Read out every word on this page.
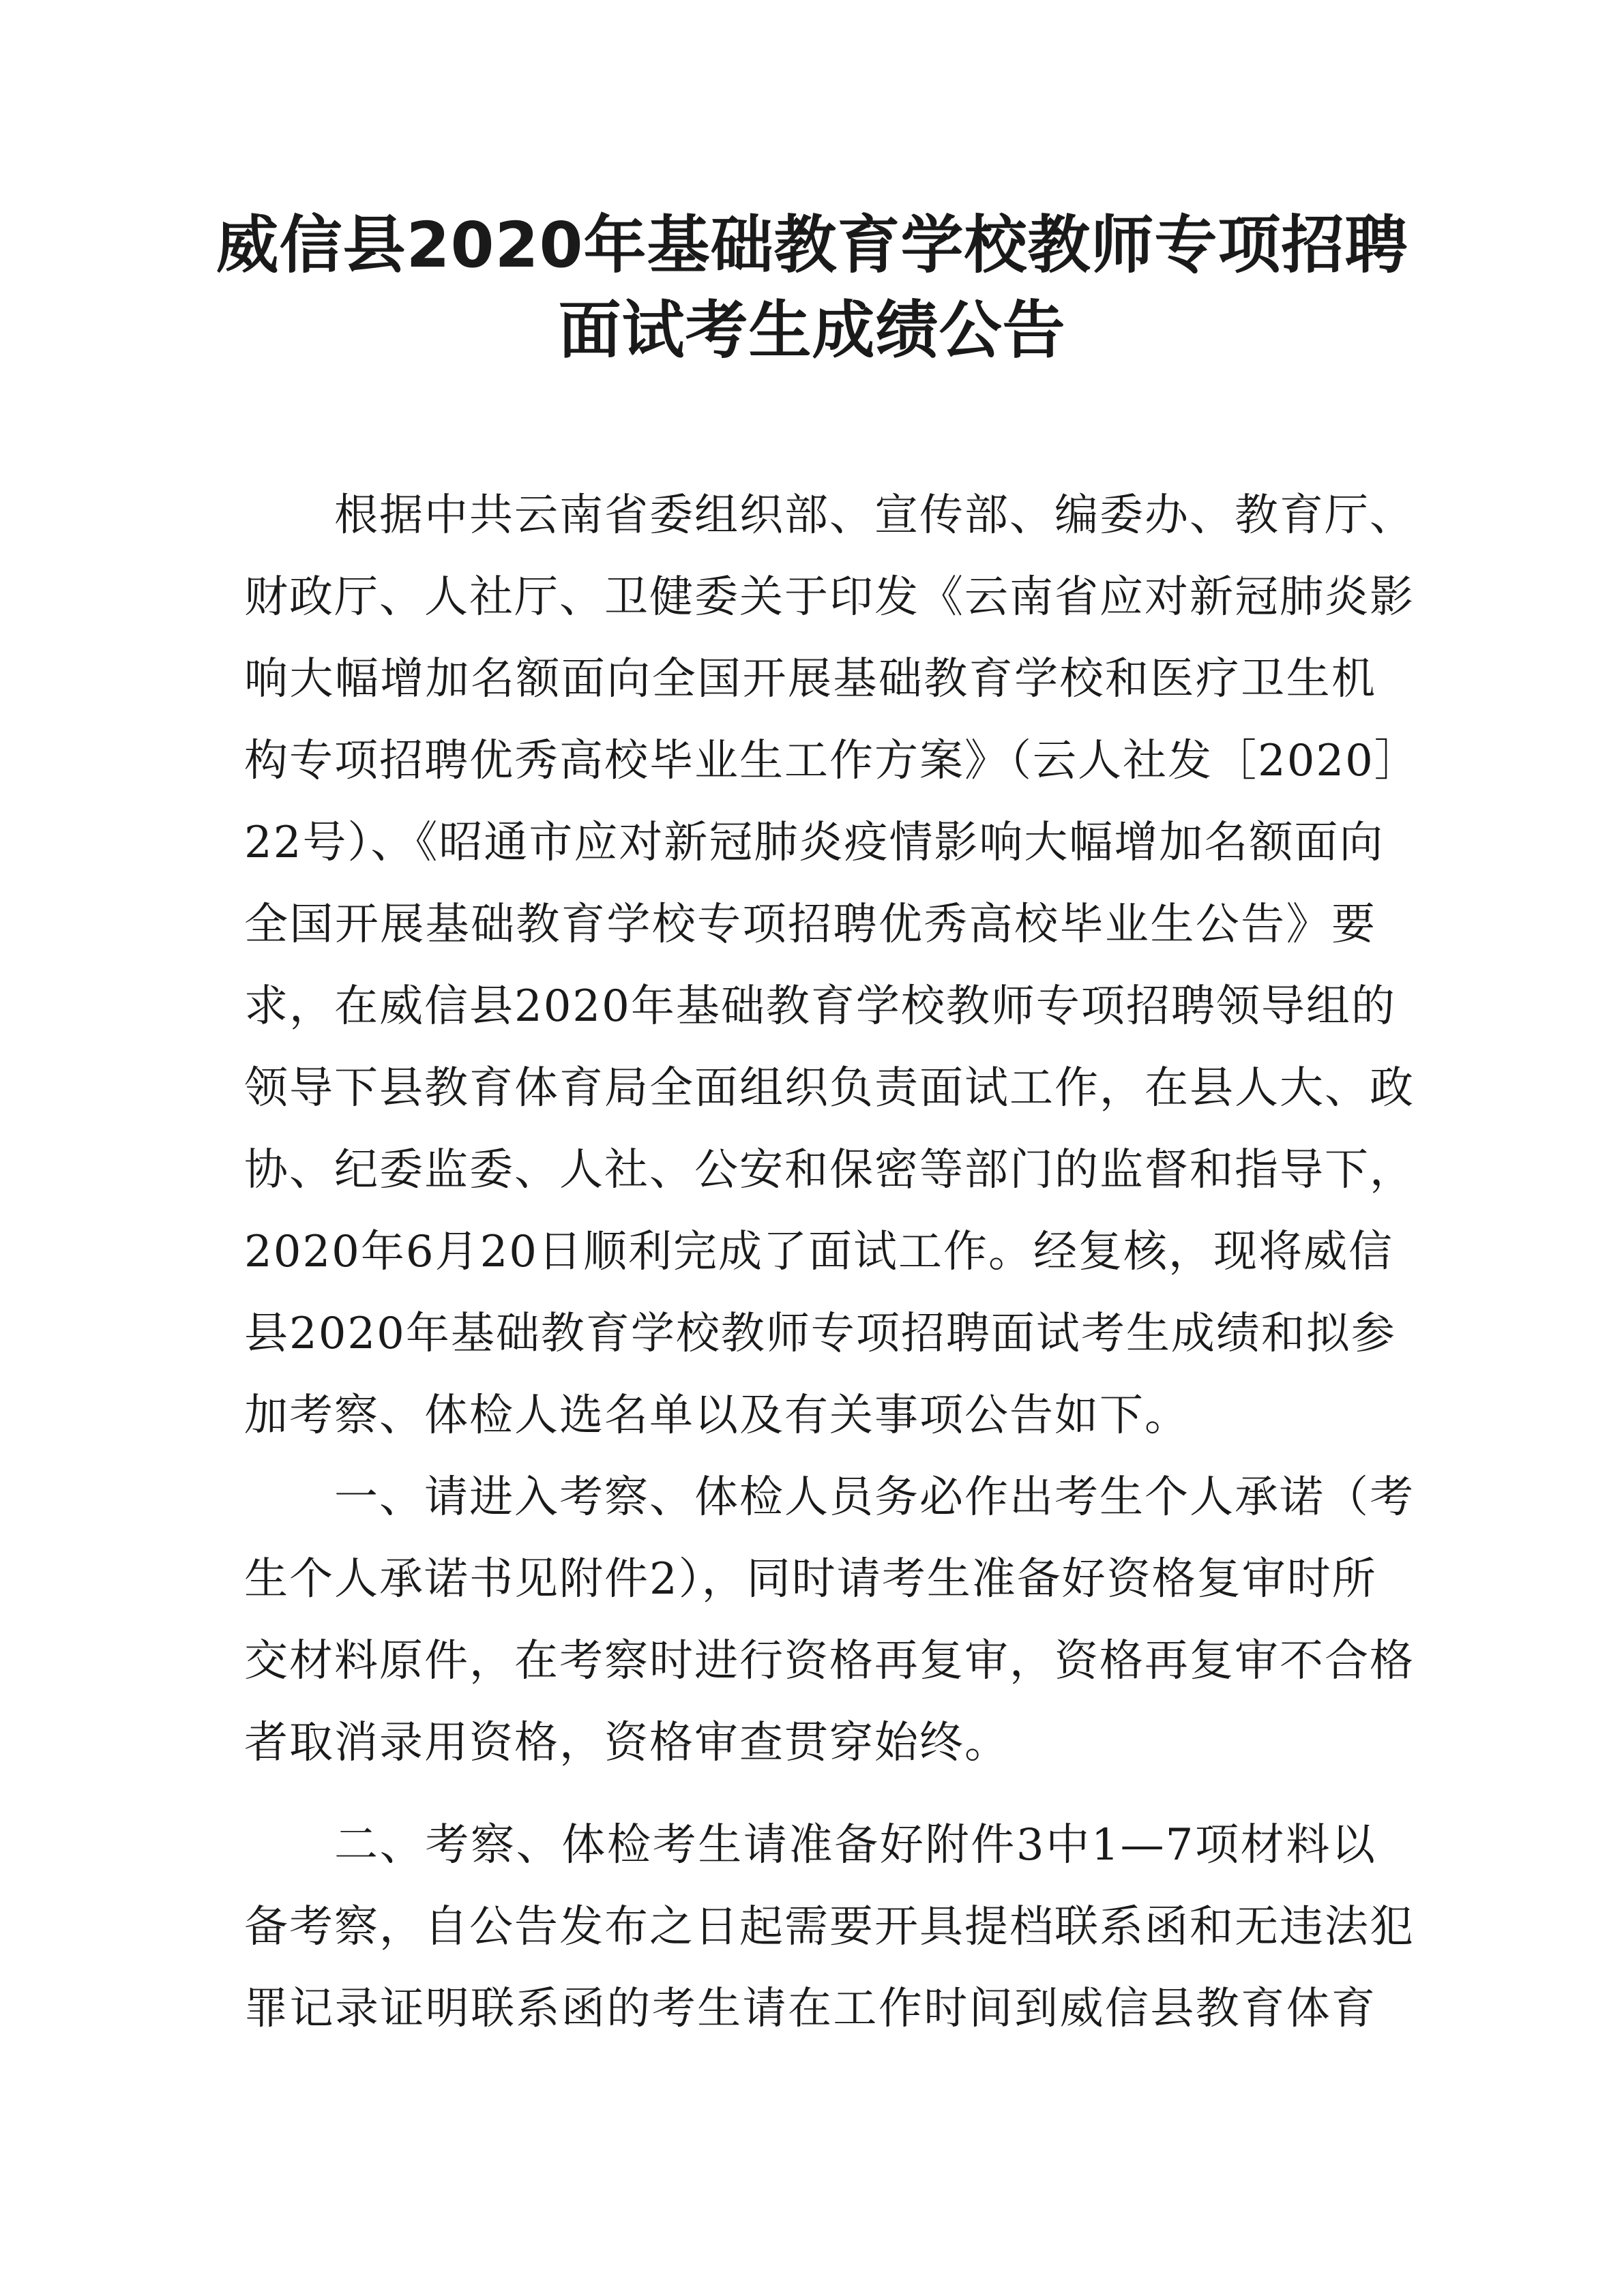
威信县2020年基础教育学校教师专项招聘
面试考生成绩公告
根据中共云南省委组织部、宣传部、编委办、教育厅、
财政厅、人社厅、卫健委关于印发《云南省应对新冠肺炎影
响大幅增加名额面向全国开展基础教育学校和医疗卫生机
构专项招聘优秀高校毕业生工作方案》（云人社发［2020］
22号）、《昭通市应对新冠肺炎疫情影响大幅增加名额面向
全国开展基础教育学校专项招聘优秀高校毕业生公告》要
求，在威信县2020年基础教育学校教师专项招聘领导组的
领导下县教育体育局全面组织负责面试工作，在县人大、政
协、纪委监委、人社、公安和保密等部门的监督和指导下，
2020年6月20日顺利完成了面试工作。经复核，现将威信
县2020年基础教育学校教师专项招聘面试考生成绩和拟参
加考察、体检人选名单以及有关事项公告如下。
一、请进入考察、体检人员务必作出考生个人承诺（考
生个人承诺书见附件2），同时请考生准备好资格复审时所
交材料原件，在考察时进行资格再复审，资格再复审不合格
者取消录用资格，资格审查贯穿始终。
二、考察、体检考生请准备好附件3中1—7项材料以
备考察，自公告发布之日起需要开具提档联系函和无违法犯
罪记录证明联系函的考生请在工作时间到威信县教育体育
